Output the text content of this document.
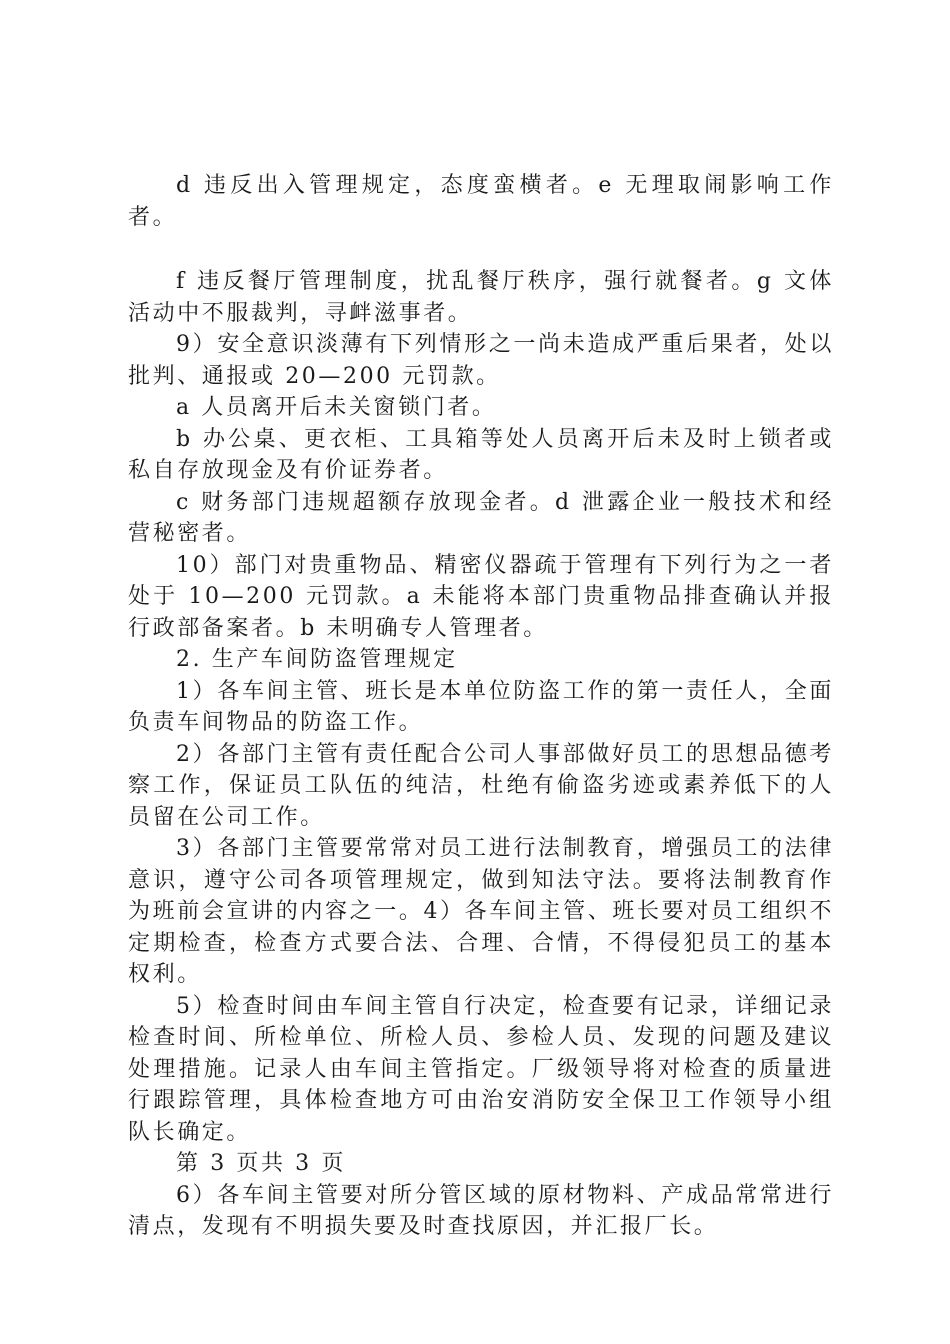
d 违反出入管理规定，态度蛮横者。e 无理取闹影响工作者。

f 违反餐厅管理制度，扰乱餐厅秩序，强行就餐者。g 文体活动中不服裁判，寻衅滋事者。

9）安全意识淡薄有下列情形之一尚未造成严重后果者，处以批判、通报或 20—200 元罚款。

a 人员离开后未关窗锁门者。

b 办公桌、更衣柜、工具箱等处人员离开后未及时上锁者或私自存放现金及有价证券者。

c 财务部门违规超额存放现金者。d 泄露企业一般技术和经营秘密者。

10）部门对贵重物品、精密仪器疏于管理有下列行为之一者处于 10—200 元罚款。a 未能将本部门贵重物品排查确认并报行政部备案者。b 未明确专人管理者。

2. 生产车间防盗管理规定

1）各车间主管、班长是本单位防盗工作的第一责任人，全面负责车间物品的防盗工作。

2）各部门主管有责任配合公司人事部做好员工的思想品德考察工作，保证员工队伍的纯洁，杜绝有偷盗劣迹或素养低下的人员留在公司工作。

3）各部门主管要常常对员工进行法制教育，增强员工的法律意识，遵守公司各项管理规定，做到知法守法。要将法制教育作为班前会宣讲的内容之一。4）各车间主管、班长要对员工组织不定期检查，检查方式要合法、合理、合情，不得侵犯员工的基本权利。

5）检查时间由车间主管自行决定，检查要有记录，详细记录检查时间、所检单位、所检人员、参检人员、发现的问题及建议处理措施。记录人由车间主管指定。厂级领导将对检查的质量进行跟踪管理，具体检查地方可由治安消防安全保卫工作领导小组队长确定。

第 3 页共 3 页

6）各车间主管要对所分管区域的原材物料、产成品常常进行清点，发现有不明损失要及时查找原因，并汇报厂长。
